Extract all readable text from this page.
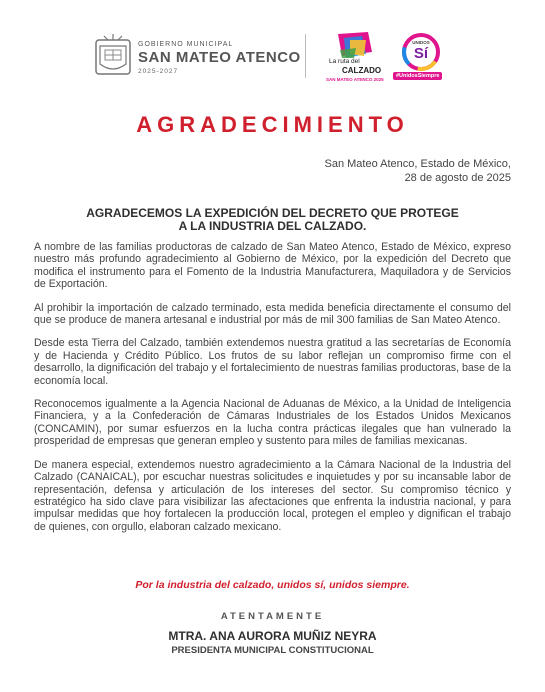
GOBIERNO MUNICIPAL
SAN MATEO ATENCO
2025-2027
La ruta del
CALZADO
SAN MATEO ATENCO 2025
UNIDOS
Sí
#UnidosSiempre
AGRADECIMIENTO
San Mateo Atenco, Estado de México,
28 de agosto de 2025
AGRADECEMOS LA EXPEDICIÓN DEL DECRETO QUE PROTEGE
A LA INDUSTRIA DEL CALZADO.

A nombre de las familias productoras de calzado de San Mateo Atenco, Estado de México, expreso nuestro más profundo agradecimiento al Gobierno de México, por la expedición del Decreto que modifica el instrumento para el Fomento de la Industria Manufacturera, Maquiladora y de Servicios de Exportación.

Al prohibir la importación de calzado terminado, esta medida beneficia directamente el consumo del que se produce de manera artesanal e industrial por más de mil 300 familias de San Mateo Atenco.

Desde esta Tierra del Calzado, también extendemos nuestra gratitud a las secretarías de Economía y de Hacienda y Crédito Público. Los frutos de su labor reflejan un compromiso firme con el desarrollo, la dignificación del trabajo y el fortalecimiento de nuestras familias productoras, base de la economía local.

Reconocemos igualmente a la Agencia Nacional de Aduanas de México, a la Unidad de Inteligencia Financiera, y a la Confederación de Cámaras Industriales de los Estados Unidos Mexicanos (CONCAMIN), por sumar esfuerzos en la lucha contra prácticas ilegales que han vulnerado la prosperidad de empresas que generan empleo y sustento para miles de familias mexicanas.

De manera especial, extendemos nuestro agradecimiento a la Cámara Nacional de la Industria del Calzado (CANAICAL), por escuchar nuestras solicitudes e inquietudes y por su incansable labor de representación, defensa y articulación de los intereses del sector. Su compromiso técnico y estratégico ha sido clave para visibilizar las afectaciones que enfrenta la industria nacional, y para impulsar medidas que hoy fortalecen la producción local, protegen el empleo y dignifican el trabajo de quienes, con orgullo, elaboran calzado mexicano.

Por la industria del calzado, unidos sí, unidos siempre.
ATENTAMENTE
MTRA. ANA AURORA MUÑIZ NEYRA
PRESIDENTA MUNICIPAL CONSTITUCIONAL
